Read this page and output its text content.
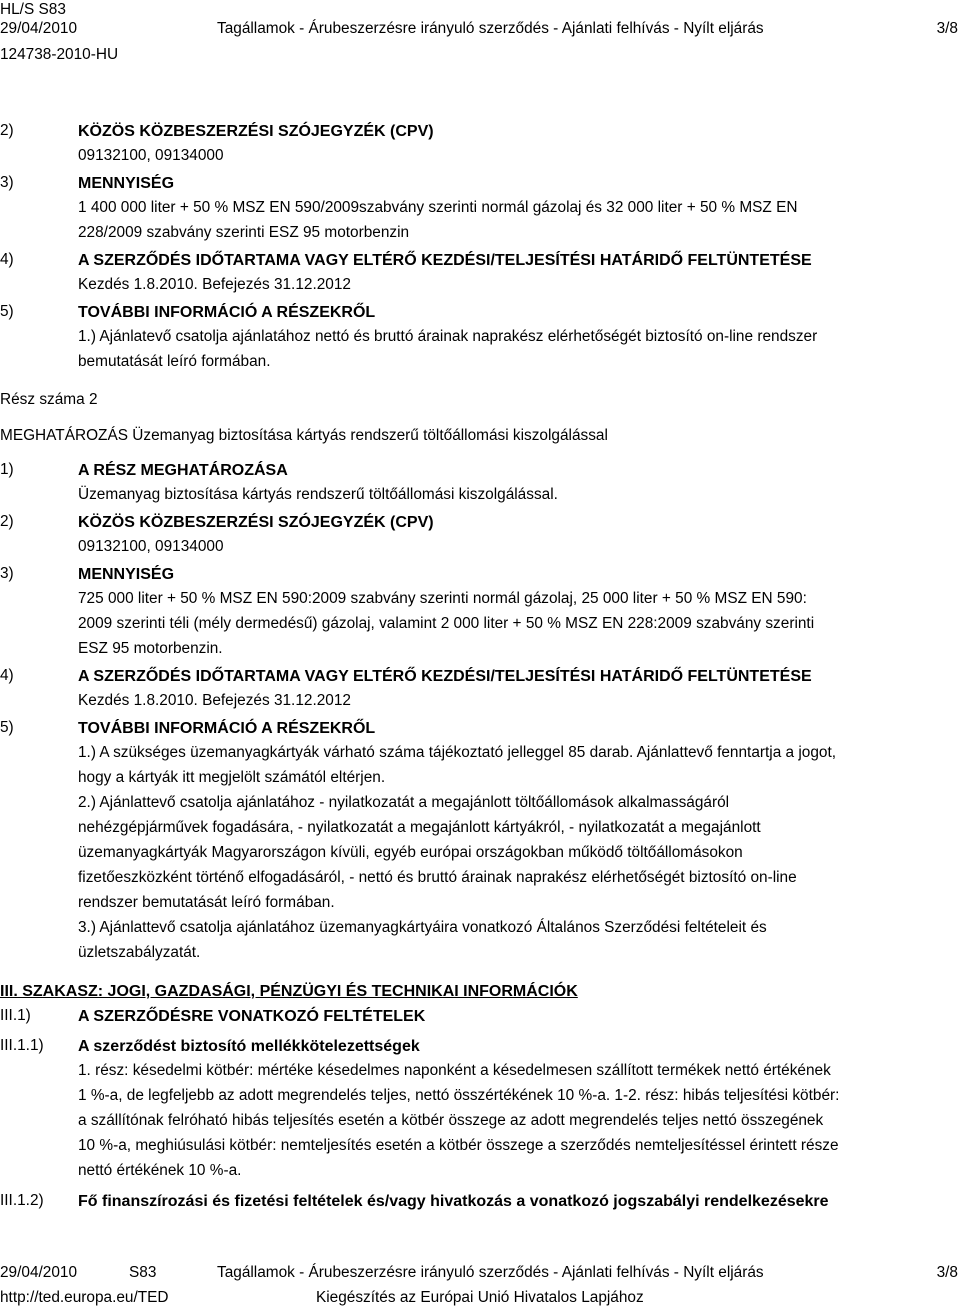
HL/S S83
29/04/2010	Tagállamok - Árubeszerzésre irányuló szerződés - Ajánlati felhívás - Nyílt eljárás	3/8
124738-2010-HU
2)	KÖZÖS KÖZBESZERZÉSI SZÓJEGYZÉK (CPV)
09132100, 09134000
3)	MENNYISÉG
1 400 000 liter + 50 % MSZ EN 590/2009szabvány szerinti normál gázolaj és 32 000 liter + 50 % MSZ EN
228/2009 szabvány szerinti ESZ 95 motorbenzin
4)	A SZERZŐDÉS IDŐTARTAMA VAGY ELTÉRŐ KEZDÉSI/TELJESÍTÉSI HATÁRIDŐ FELTÜNTETÉSE
Kezdés 1.8.2010. Befejezés 31.12.2012
5)	TOVÁBBI INFORMÁCIÓ A RÉSZEKRŐL
1.) Ajánlatevő csatolja ajánlatához nettó és bruttó árainak naprakész elérhetőségét biztosító on-line rendszer
bemutatását leíró formában.
Rész száma 2
MEGHATÁROZÁS Üzemanyag biztosítása kártyás rendszerű töltőállomási kiszolgálással
1)	A RÉSZ MEGHATÁROZÁSA
Üzemanyag biztosítása kártyás rendszerű töltőállomási kiszolgálással.
2)	KÖZÖS KÖZBESZERZÉSI SZÓJEGYZÉK (CPV)
09132100, 09134000
3)	MENNYISÉG
725 000 liter + 50 % MSZ EN 590:2009 szabvány szerinti normál gázolaj, 25 000 liter + 50 % MSZ EN 590:
2009 szerinti téli (mély dermedésű) gázolaj, valamint 2 000 liter + 50 % MSZ EN 228:2009 szabvány szerinti
ESZ 95 motorbenzin.
4)	A SZERZŐDÉS IDŐTARTAMA VAGY ELTÉRŐ KEZDÉSI/TELJESÍTÉSI HATÁRIDŐ FELTÜNTETÉSE
Kezdés 1.8.2010. Befejezés 31.12.2012
5)	TOVÁBBI INFORMÁCIÓ A RÉSZEKRŐL
1.) A szükséges üzemanyagkártyák várható száma tájékoztató jelleggel 85 darab. Ajánlattevő fenntartja a jogot,
hogy a kártyák itt megjelölt számától eltérjen.
2.) Ajánlattevő csatolja ajánlatához - nyilatkozatát a megajánlott töltőállomások alkalmasságáról
nehézgépjárművek fogadására, - nyilatkozatát a megajánlott kártyákról, - nyilatkozatát a megajánlott
üzemanyagkártyák Magyarországon kívüli, egyéb európai országokban működő töltőállomásokon
fizetőeszközként történő elfogadásáról, - nettó és bruttó árainak naprakész elérhetőségét biztosító on-line
rendszer bemutatását leíró formában.
3.) Ajánlattevő csatolja ajánlatához üzemanyagkártyáira vonatkozó Általános Szerződési feltételeit és
üzletszabályzatát.
III. SZAKASZ: JOGI, GAZDASÁGI, PÉNZÜGYI ÉS TECHNIKAI INFORMÁCIÓK
III.1)	A SZERZŐDÉSRE VONATKOZÓ FELTÉTELEK
III.1.1) A szerződést biztosító mellékkötelezettségek
1. rész: késedelmi kötbér: mértéke késedelmes naponként a késedelmesen szállított termékek nettó értékének
1 %-a, de legfeljebb az adott megrendelés teljes, nettó összértékének 10 %-a. 1-2. rész: hibás teljesítési kötbér:
a szállítónak felróható hibás teljesítés esetén a kötbér összege az adott megrendelés teljes nettó összegének
10 %-a, meghiúsulási kötbér: nemteljesítés esetén a kötbér összege a szerződés nemteljesítéssel érintett része
nettó értékének 10 %-a.
III.1.2) Fő finanszírozási és fizetési feltételek és/vagy hivatkozás a vonatkozó jogszabályi rendelkezésekre
29/04/2010	S83	Tagállamok - Árubeszerzésre irányuló szerződés - Ajánlati felhívás - Nyílt eljárás	3/8
http://ted.europa.eu/TED	Kiegészítés az Európai Unió Hivatalos Lapjához
